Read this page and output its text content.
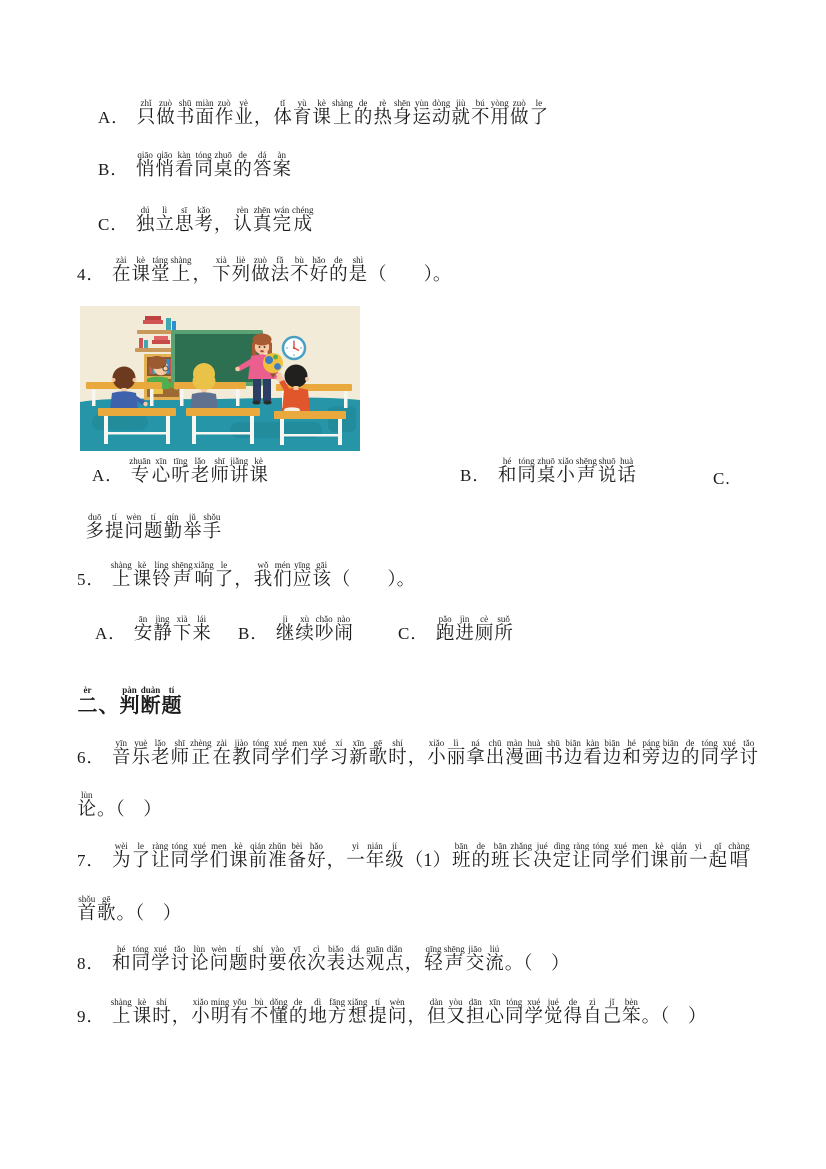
A． 只zhǐ做zuò书shū面miàn作zuò业yè，体tǐ育yù课kè上shàng的de热rè身shēn运yùn动dòng就jiù不bú用yòng做zuò了le
B． 悄qiāo悄qiāo看kàn同tóng桌zhuō的de答dá案àn
C． 独dú立lì思sī考kǎo，认rèn真zhēn完wán成chéng
4． 在zài课kè堂táng上shàng，下xià列liè做zuò法fǎ不bù好hǎo的de是shì（　　）。
A． 专zhuān心xīn听tīng老lǎo师shī讲jiǎng课kè
B． 和hé同tóng桌zhuō小xiǎo声shēng说shuō话huà
C.
多duō提tí问wèn题tí勤qín举jǔ手shǒu
5． 上shàng课kè铃líng声shēng响xiǎng了le，我wǒ们mén应yīng该gāi（　　）。
A． 安ān静jìng下xià来lái
B． 继jì续xù吵chǎo闹nào
C． 跑pǎo进jìn厕cè所suǒ
二èr、判pàn断duàn题tí
6． 音yīn乐yuè老lǎo师shī正zhèng在zài教jiào同tóng学xué们men学xué习xí新xīn歌gē时shí，小xiǎo丽lì拿ná出chū漫màn画huà书shū边biān看kàn边biān和hé旁páng边biān的de同tóng学xué讨tǎo
论lùn。（　）
7． 为wèi了le让ràng同tóng学xué们men课kè前qián准zhǔn备bèi好hǎo，一yì年nián级jí（1）班bān的de班bān长zhǎng决jué定dìng让ràng同tóng学xué们men课kè前qián一yì起qǐ唱chàng
首shǒu歌gē。（　）
8． 和hé同tóng学xué讨tǎo论lùn问wèn题tí时shí要yào依yī次cì表biǎo达dá观guān点diǎn，轻qīng声shēng交jiāo流liú。（　）
9． 上shàng课kè时shí，小xiǎo明míng有yǒu不bù懂dǒng的de地dì方fāng想xiǎng提tí问wèn，但dàn又yòu担dān心xīn同tóng学xué觉jué得de自zì己jǐ笨bèn。（　）
